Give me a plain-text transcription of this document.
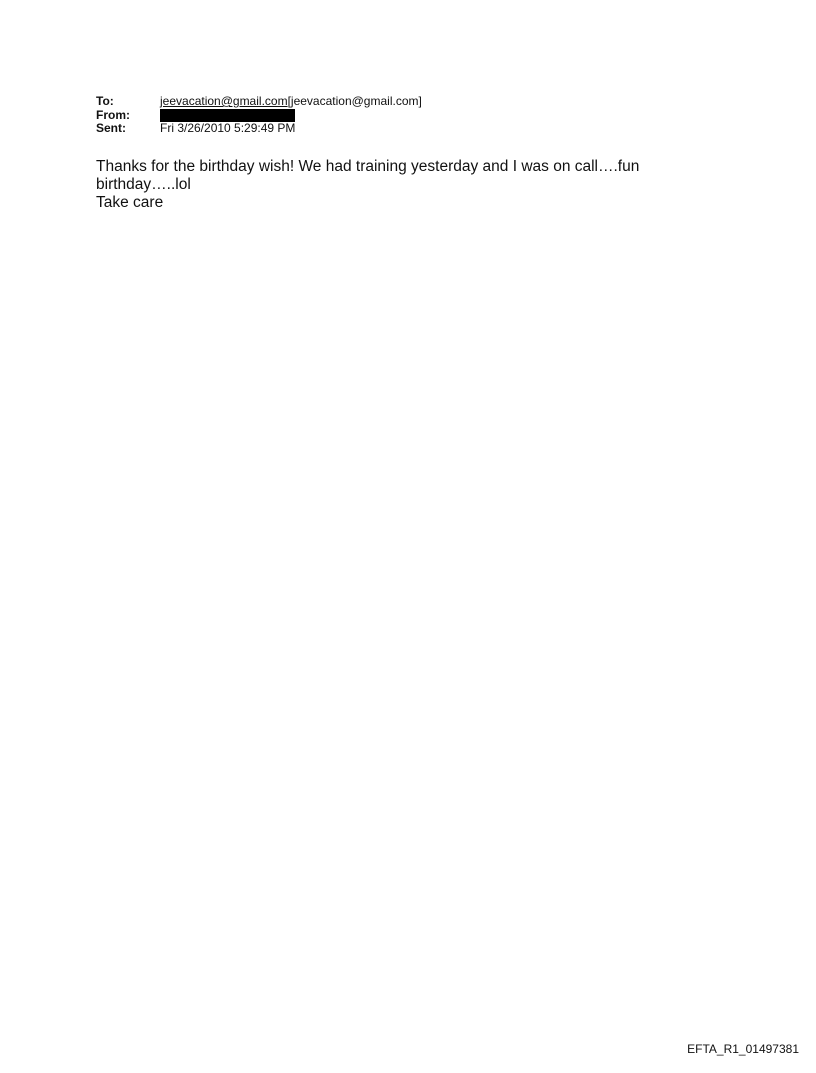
To:	jeevacation@gmail.com[jeevacation@gmail.com]
From:
Sent:	Fri 3/26/2010 5:29:49 PM

Thanks for the birthday wish! We had training yesterday and I was on call….fun

birthday…..lol

Take care

EFTA_R1_01497381
